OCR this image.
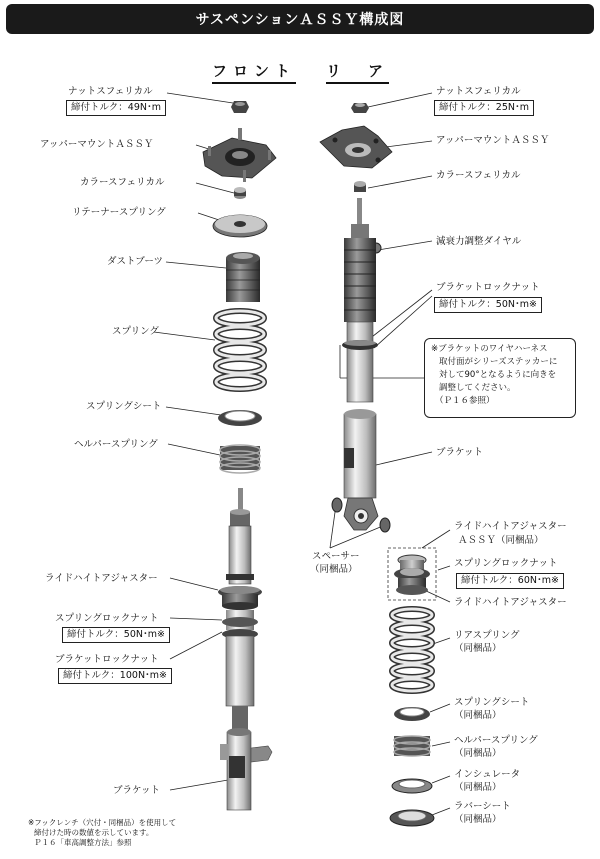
サスペンションＡＳＳＹ構成図
フロント リ　ア
ナットスフェリカル
締付トルク：49N･m
アッパーマウントＡＳＳＹ
カラースフェリカル
リテーナースプリング
ダストブーツ
スプリング
スプリングシート
ヘルパースプリング
ライドハイトアジャスター
スプリングロックナット
締付トルク：50N･m※
ブラケットロックナット
締付トルク：100N･m※
ブラケット
ナットスフェリカル
締付トルク：25N･m
アッパーマウントＡＳＳＹ
カラースフェリカル
減衰力調整ダイヤル
ブラケットロックナット
締付トルク：50N･m※
※ブラケットのワイヤハーネス
取付面がシリーズステッカーに
対して90°となるように向きを
調整してください。
（Ｐ１６参照）
ブラケット
スペーサー
（同梱品）
ライドハイトアジャスター
ＡＳＳＹ（同梱品）
スプリングロックナット
締付トルク：60N･m※
ライドハイトアジャスター
リアスプリング
（同梱品）
スプリングシート
（同梱品）
ヘルパースプリング
（同梱品）
インシュレータ
（同梱品）
ラバーシート
（同梱品）
※フックレンチ（穴付・同梱品）を使用して
締付けた時の数値を示しています。
Ｐ１６「車高調整方法」参照
